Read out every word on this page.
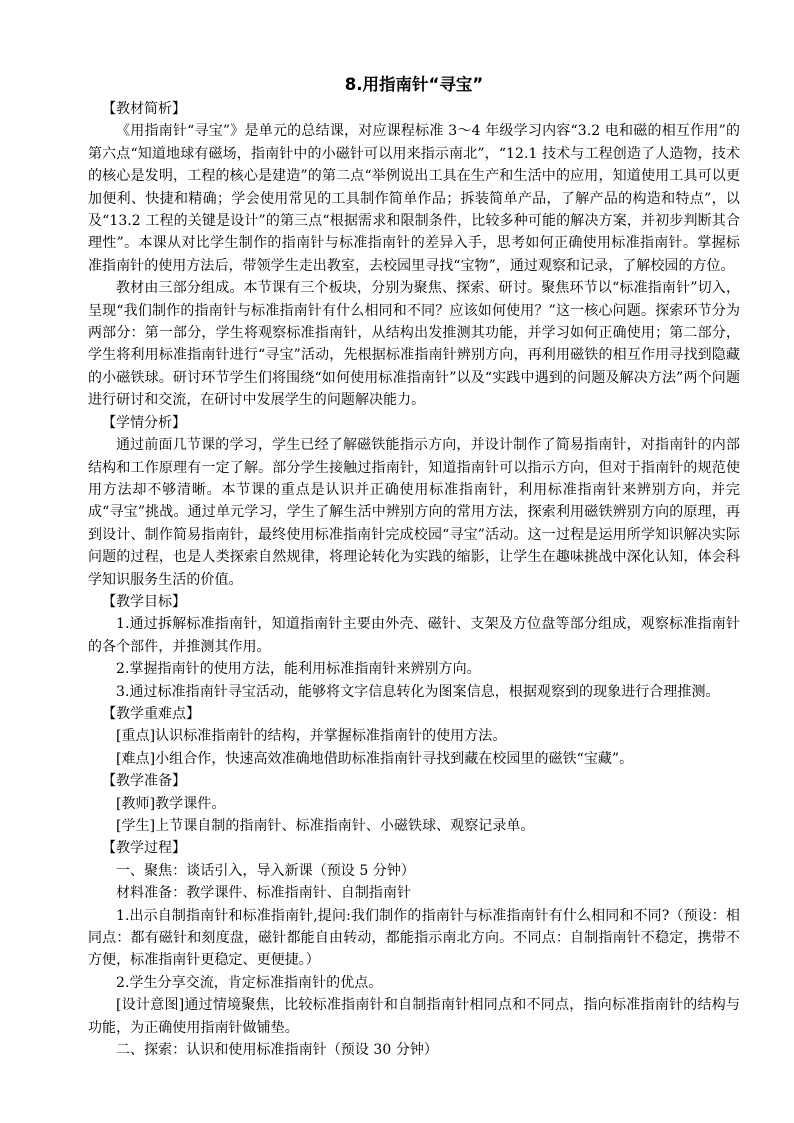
8.用指南针“寻宝”

【教材简析】

《用指南针“寻宝”》是单元的总结课，对应课程标准 3～4 年级学习内容“3.2 电和磁的相互作用”的第六点“知道地球有磁场，指南针中的小磁针可以用来指示南北”，“12.1 技术与工程创造了人造物，技术的核心是发明，工程的核心是建造”的第二点“举例说出工具在生产和生活中的应用，知道使用工具可以更加便利、快捷和精确；学会使用常见的工具制作简单作品；拆装简单产品，了解产品的构造和特点”，以及“13.2 工程的关键是设计”的第三点“根据需求和限制条件，比较多种可能的解决方案，并初步判断其合理性”。本课从对比学生制作的指南针与标准指南针的差异入手，思考如何正确使用标准指南针。掌握标准指南针的使用方法后，带领学生走出教室，去校园里寻找“宝物”，通过观察和记录，了解校园的方位。

教材由三部分组成。本节课有三个板块，分别为聚焦、探索、研讨。聚焦环节以“标准指南针”切入，呈现“我们制作的指南针与标准指南针有什么相同和不同？应该如何使用？”这一核心问题。探索环节分为两部分：第一部分，学生将观察标准指南针，从结构出发推测其功能，并学习如何正确使用；第二部分，学生将利用标准指南针进行“寻宝”活动，先根据标准指南针辨别方向，再利用磁铁的相互作用寻找到隐藏的小磁铁球。研讨环节学生们将围绕“如何使用标准指南针”以及“实践中遇到的问题及解决方法”两个问题进行研讨和交流，在研讨中发展学生的问题解决能力。

【学情分析】

通过前面几节课的学习，学生已经了解磁铁能指示方向，并设计制作了简易指南针，对指南针的内部结构和工作原理有一定了解。部分学生接触过指南针，知道指南针可以指示方向，但对于指南针的规范使用方法却不够清晰。本节课的重点是认识并正确使用标准指南针，利用标准指南针来辨别方向，并完成“寻宝”挑战。通过单元学习，学生了解生活中辨别方向的常用方法，探索利用磁铁辨别方向的原理，再到设计、制作简易指南针，最终使用标准指南针完成校园“寻宝”活动。这一过程是运用所学知识解决实际问题的过程，也是人类探索自然规律，将理论转化为实践的缩影，让学生在趣味挑战中深化认知，体会科学知识服务生活的价值。

【教学目标】

1.通过拆解标准指南针，知道指南针主要由外壳、磁针、支架及方位盘等部分组成，观察标准指南针的各个部件，并推测其作用。

2.掌握指南针的使用方法，能利用标准指南针来辨别方向。

3.通过标准指南针寻宝活动，能够将文字信息转化为图案信息，根据观察到的现象进行合理推测。

【教学重难点】

[重点]认识标准指南针的结构，并掌握标准指南针的使用方法。

[难点]小组合作，快速高效准确地借助标准指南针寻找到藏在校园里的磁铁“宝藏”。

【教学准备】

[教师]教学课件。

[学生]上节课自制的指南针、标准指南针、小磁铁球、观察记录单。

【教学过程】

一、聚焦：谈话引入，导入新课（预设 5 分钟）

材料准备：教学课件、标准指南针、自制指南针

1.出示自制指南针和标准指南针,提问:我们制作的指南针与标准指南针有什么相同和不同?（预设：相同点：都有磁针和刻度盘，磁针都能自由转动，都能指示南北方向。不同点：自制指南针不稳定，携带不方便，标准指南针更稳定、更便捷。）

2.学生分享交流，肯定标准指南针的优点。

[设计意图]通过情境聚焦，比较标准指南针和自制指南针相同点和不同点，指向标准指南针的结构与功能，为正确使用指南针做铺垫。

二、探索：认识和使用标准指南针（预设 30 分钟）
